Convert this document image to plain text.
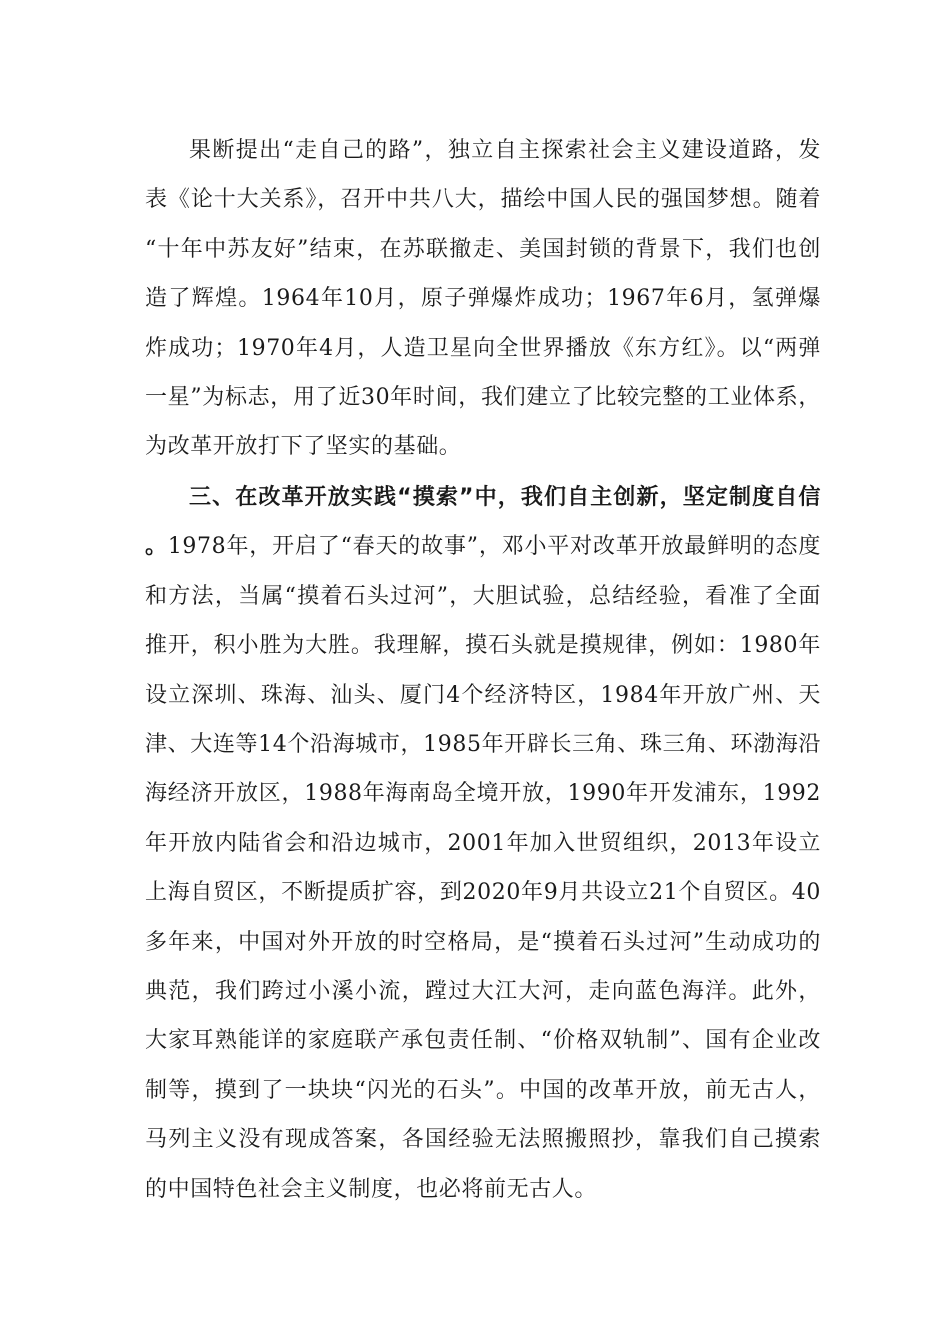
果断提出“走自己的路”，独立自主探索社会主义建设道路，发表《论十大关系》，召开中共八大，描绘中国人民的强国梦想。随着“十年中苏友好”结束，在苏联撤走、美国封锁的背景下，我们也创造了辉煌。1964年10月，原子弹爆炸成功；1967年6月，氢弹爆炸成功；1970年4月，人造卫星向全世界播放《东方红》。以“两弹一星”为标志，用了近30年时间，我们建立了比较完整的工业体系，为改革开放打下了坚实的基础。

三、在改革开放实践“摸索”中，我们自主创新，坚定制度自信。1978年，开启了“春天的故事”，邓小平对改革开放最鲜明的态度和方法，当属“摸着石头过河”，大胆试验，总结经验，看准了全面推开，积小胜为大胜。我理解，摸石头就是摸规律，例如：1980年设立深圳、珠海、汕头、厦门4个经济特区，1984年开放广州、天津、大连等14个沿海城市，1985年开辟长三角、珠三角、环渤海沿海经济开放区，1988年海南岛全境开放，1990年开发浦东，1992年开放内陆省会和沿边城市，2001年加入世贸组织，2013年设立上海自贸区，不断提质扩容，到2020年9月共设立21个自贸区。40多年来，中国对外开放的时空格局，是“摸着石头过河”生动成功的典范，我们跨过小溪小流，蹚过大江大河，走向蓝色海洋。此外，大家耳熟能详的家庭联产承包责任制、“价格双轨制”、国有企业改制等，摸到了一块块“闪光的石头”。中国的改革开放，前无古人，马列主义没有现成答案，各国经验无法照搬照抄，靠我们自己摸索的中国特色社会主义制度，也必将前无古人。
